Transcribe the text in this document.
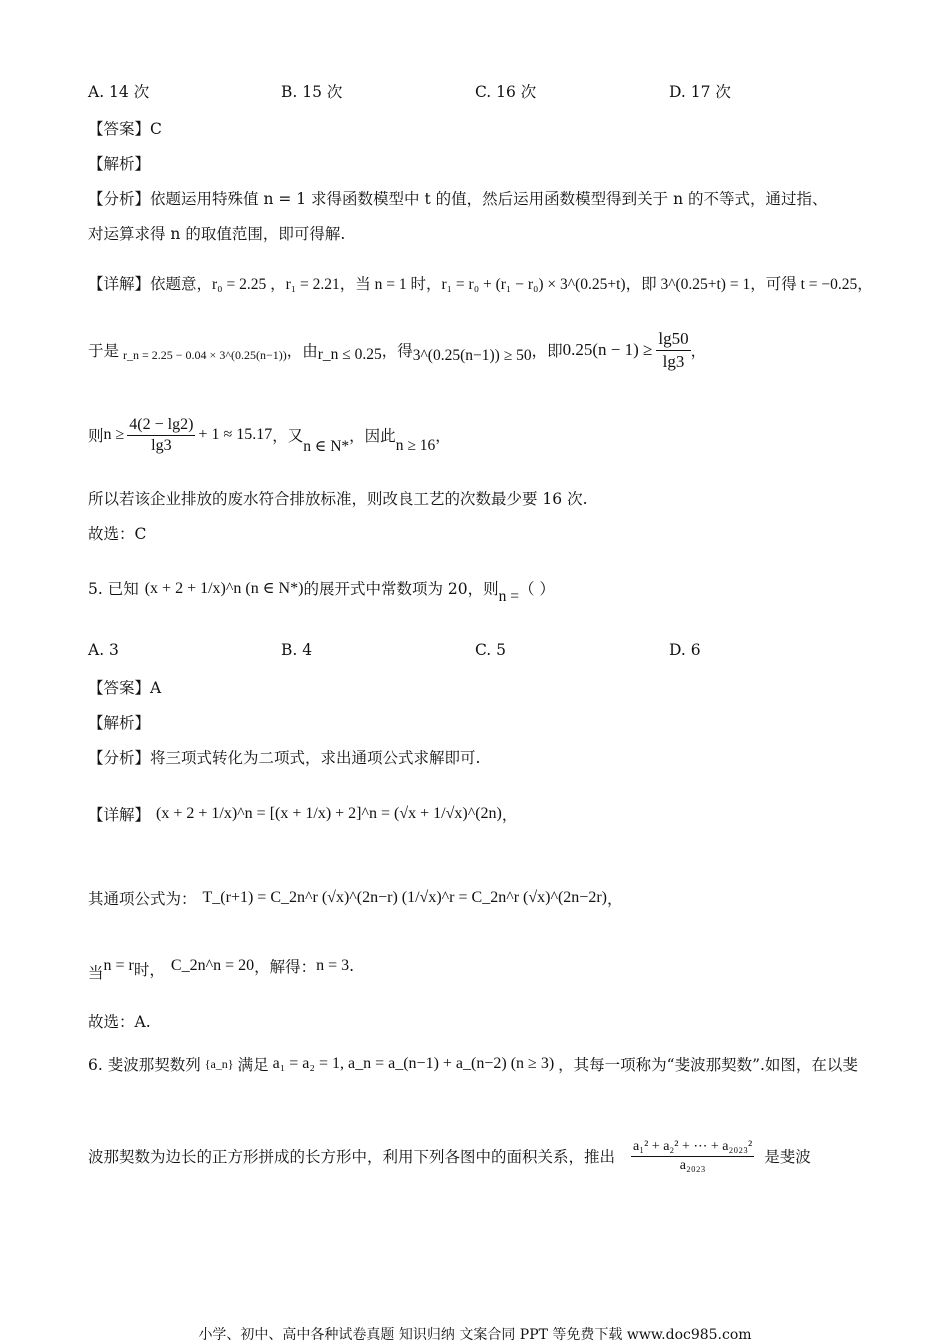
A. 14 次	B. 15 次	C. 16 次	D. 17 次
【答案】C
【解析】
【分析】依题运用特殊值 n = 1 求得函数模型中 t 的值，然后运用函数模型得到关于 n 的不等式，通过指、
对运算求得 n 的取值范围，即可得解.
【详解】依题意，r₀ = 2.25 ，r₁ = 2.21，当 n = 1 时，r₁ = r₀ + (r₁ − r₀) × 3^(0.25+t)，即 3^(0.25+t) = 1，可得 t = −0.25，
于是 r_n = 2.25 − 0.04 × 3^(0.25(n−1)) ，由 r_n ≤ 0.25 ，得 3^(0.25(n−1)) ≥ 50 ，即 $0.25(n - 1) \ge \frac{\lg 50}{\lg 3}$ ，
则 $n \ge \frac{4(2 - \lg 2)}{\lg 3} + 1 \approx 15.17$ ，又
n ∈ N*
，因此
n ≥ 16
，
所以若该企业排放的废水符合排放标准，则改良工艺的次数最少要 16 次.
故选：C
5. 已知 (x + 2 + 1/x)^n (n ∈ N*) 的展开式中常数项为 20，则 n = （ ）
A. 3	B. 4	C. 5	D. 6
【答案】A
【解析】
【分析】将三项式转化为二项式，求出通项公式求解即可.
【详解】 (x + 2 + 1/x)^n = [(x + 1/x) + 2]^n = (√x + 1/√x)^(2n) ，
其通项公式为： T_(r+1) = C_2n^r (√x)^(2n−r) (1/√x)^r = C_2n^r (√x)^(2n−2r) ，
当 n = r 时， C_2n^n = 20 ，解得： n = 3 .
故选：A.
6. 斐波那契数列 {a_n} 满足 a₁ = a₂ = 1, a_n = a_(n−1) + a_(n−2) (n ≥ 3) ，其每一项称为“斐波那契数”.如图，在以斐
波那契数为边长的正方形拼成的长方形中，利用下列各图中的面积关系，推出 $\frac{\text{a₁² + a₂² + ⋯ + a₂₀₂₃²}}{\text{a₂₀₂₃}}$ 是斐波
小学、初中、高中各种试卷真题 知识归纳 文案合同 PPT 等免费下载 www.doc985.com
